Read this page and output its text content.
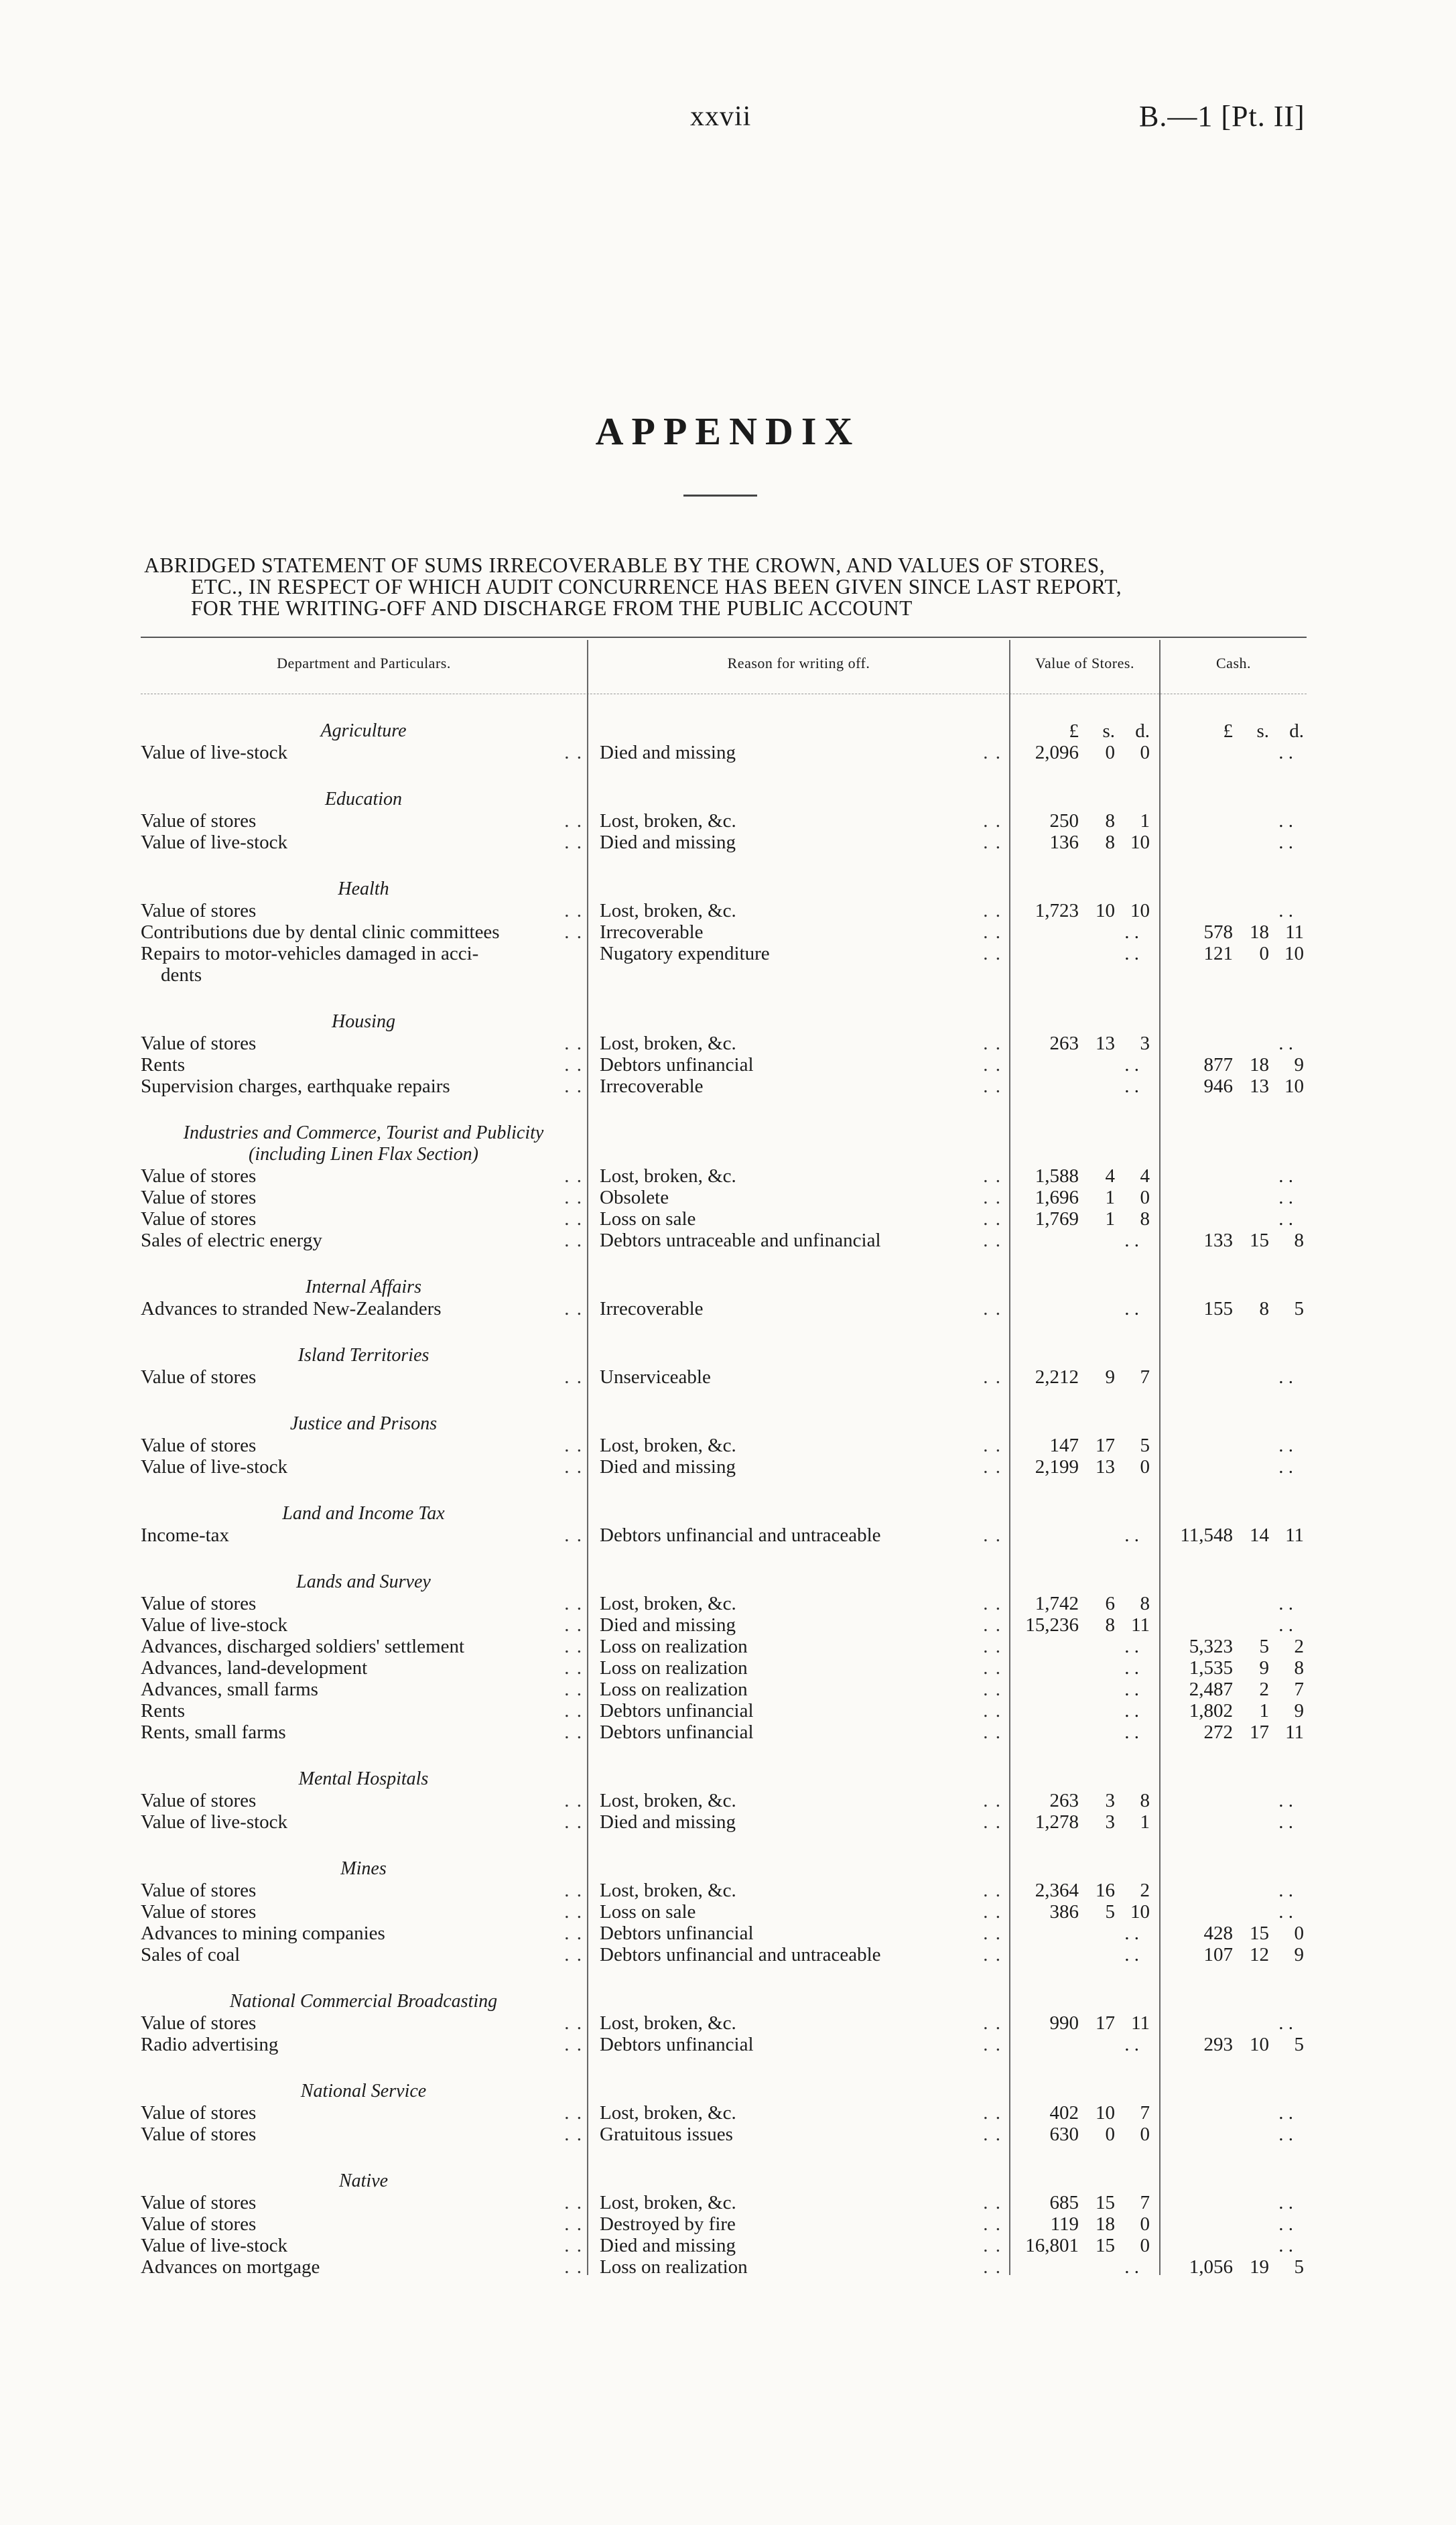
xxvii	B.—1 [Pt. II]
APPENDIX
ABRIDGED STATEMENT OF SUMS IRRECOVERABLE BY THE CROWN, AND VALUES OF STORES,
ETC., IN RESPECT OF WHICH AUDIT CONCURRENCE HAS BEEN GIVEN SINCE LAST REPORT,
FOR THE WRITING-OFF AND DISCHARGE FROM THE PUBLIC ACCOUNT
Department and Particulars.	Reason for writing off.	Value of Stores.	Cash.
Agriculture	£	s.	d.	£	s.	d.
Value of live-stock	. . Died and missing	. .	2,096	0	0	. .
Education
Value of stores	. . Lost, broken, &c.	. .	250	8	1	. .
Value of live-stock	. . Died and missing	. .	136	8 10	. .
Health
Value of stores	. . Lost, broken, &c.	. .	1,723 10 10	. .
Contributions due by dental clinic committees	. . Irrecoverable	. .	. .	578 18 11
Repairs to motor-vehicles damaged in acci-	Nugatory expenditure	. .	. .	121	0 10
dents
Housing
Value of stores	. . Lost, broken, &c.	. .	263 13	3	. .
Rents	. . Debtors unfinancial	. .	. .	877 18	9
Supervision charges, earthquake repairs	. . Irrecoverable	. .	. .	946 13 10
Industries and Commerce, Tourist and Publicity
(including Linen Flax Section)
Value of stores	. . Lost, broken, &c.	. .	1,588	4	4	. .
Value of stores	. . Obsolete	. .	1,696	1	0	. .
Value of stores	. . Loss on sale	. .	1,769	1	8	. .
Sales of electric energy	. . Debtors untraceable and unfinancial	. .	. .	133 15	8
Internal Affairs
Advances to stranded New-Zealanders	. . Irrecoverable	. .	. .	155	8	5
Island Territories
Value of stores	. . Unserviceable	. .	2,212	9	7	. .
Justice and Prisons
Value of stores	. . Lost, broken, &c.	. .	147 17	5	. .
Value of live-stock	. . Died and missing	. .	2,199 13	0	. .
Land and Income Tax
Income-tax	. . Debtors unfinancial and untraceable	. .	. .	11,548 14 11
Lands and Survey
Value of stores	. . Lost, broken, &c.	. .	1,742	6	8	. .
Value of live-stock	. . Died and missing	. .	15,236	8 11	. .
Advances, discharged soldiers' settlement	. . Loss on realization	. .	. .	5,323	5	2
Advances, land-development	. . Loss on realization	. .	. .	1,535	9	8
Advances, small farms	. . Loss on realization	. .	. .	2,487	2	7
Rents	. . Debtors unfinancial	. .	. .	1,802	1	9
Rents, small farms	. . Debtors unfinancial	. .	. .	272 17 11
Mental Hospitals
Value of stores	. . Lost, broken, &c.	. .	263	3	8	. .
Value of live-stock	. . Died and missing	. .	1,278	3	1	. .
Mines
Value of stores	. . Lost, broken, &c.	. .	2,364 16	2	. .
Value of stores	. . Loss on sale	. .	386	5 10	. .
Advances to mining companies	. . Debtors unfinancial	. .	. .	428 15	0
Sales of coal	. . Debtors unfinancial and untraceable	. .	. .	107 12	9
National Commercial Broadcasting
Value of stores	. . Lost, broken, &c.	. .	990 17 11	. .
Radio advertising	. . Debtors unfinancial	. .	. .	293 10	5
National Service
Value of stores	. . Lost, broken, &c.	. .	402 10	7	. .
Value of stores	. . Gratuitous issues	. .	630	0	0	. .
Native
Value of stores	. . Lost, broken, &c.	. .	685 15	7	. .
Value of stores	. . Destroyed by fire	. .	119 18	0	. .
Value of live-stock	. . Died and missing	. .	16,801 15	0	. .
Advances on mortgage	. . Loss on realization	. .	. .	1,056 19	5
